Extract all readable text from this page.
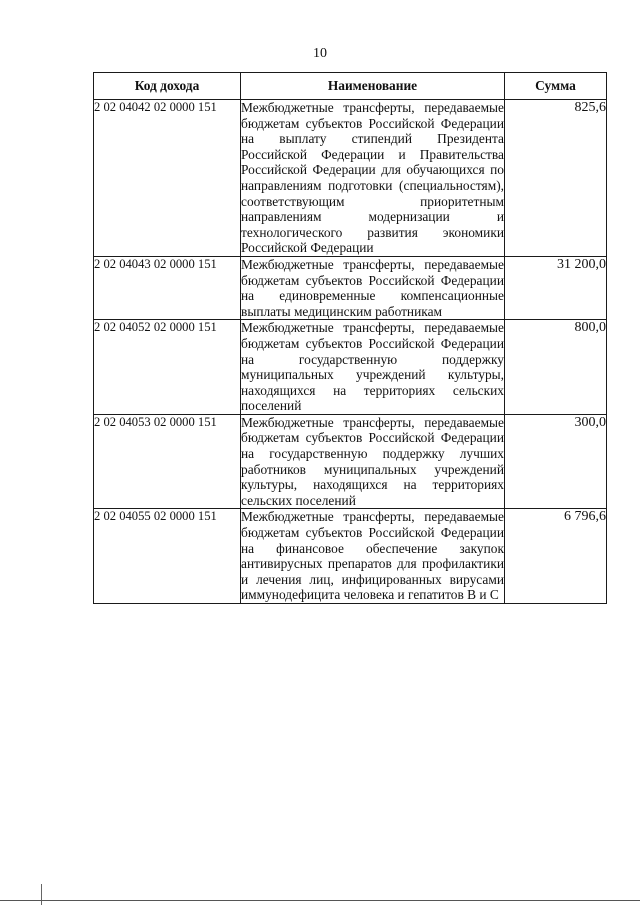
10
Код дохода	Наименование	Сумма
2 02 04042 02 0000 151	Межбюджетные трансферты, передаваемые бюджетам субъектов Российской Федерации на выплату стипендий Президента Российской Федерации и Правительства Российской Федерации для обучающихся по направлениям подготовки (специальностям), соответствующим приоритетным направлениям модернизации и технологического развития экономики Российской Федерации	825,6
2 02 04043 02 0000 151	Межбюджетные трансферты, передаваемые бюджетам субъектов Российской Федерации на единовременные компенсационные выплаты медицинским работникам	31 200,0
2 02 04052 02 0000 151	Межбюджетные трансферты, передаваемые бюджетам субъектов Российской Федерации на государственную поддержку муниципальных учреждений культуры, находящихся на территориях сельских поселений	800,0
2 02 04053 02 0000 151	Межбюджетные трансферты, передаваемые бюджетам субъектов Российской Федерации на государственную поддержку лучших работников муниципальных учреждений культуры, находящихся на территориях сельских поселений	300,0
2 02 04055 02 0000 151	Межбюджетные трансферты, передаваемые бюджетам субъектов Российской Федерации на финансовое обеспечение закупок антивирусных препаратов для профилактики и лечения лиц, инфицированных вирусами иммунодефицита человека и гепатитов В и С	6 796,6
